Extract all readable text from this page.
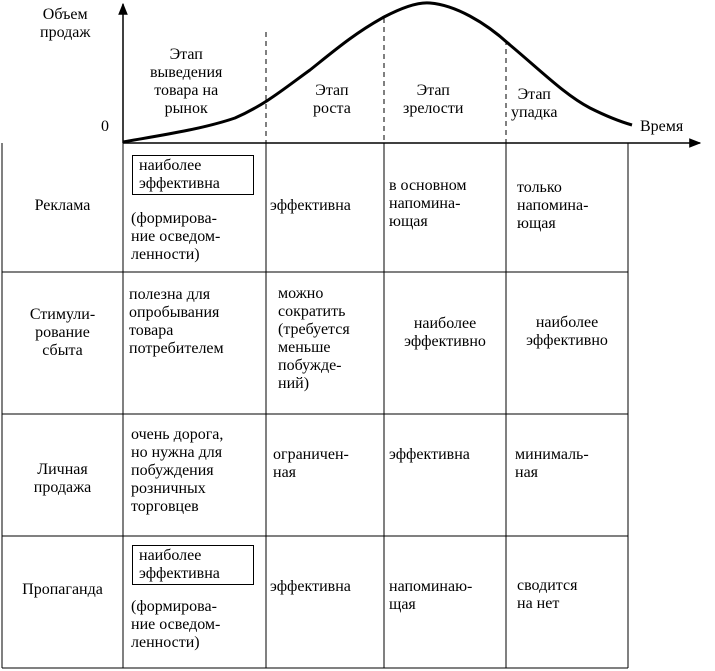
Объем
продаж
Время
0
Этап
выведения
товара на
рынок
Этап
роста
Этап
зрелости
Этап
упадка
Реклама
наиболее
эффективна
(формирова-
ние осведом-
ленности)
эффективна
в основном
напомина-
ющая
только
напомина-
ющая
Стимули-
рование
сбыта
полезна для
опробывания
товара
потребителем
можно
сократить
(требуется
меньше
побужде-
ний)
наиболее
эффективно
наиболее
эффективно
Личная
продажа
очень дорога,
но нужна для
побуждения
розничных
торговцев
ограничен-
ная
эффективна	минималь-
ная
Пропаганда
наиболее
эффективна
(формирова-
ние осведом-
ленности)
эффективна напоминаю-
щая
сводится
на нет
